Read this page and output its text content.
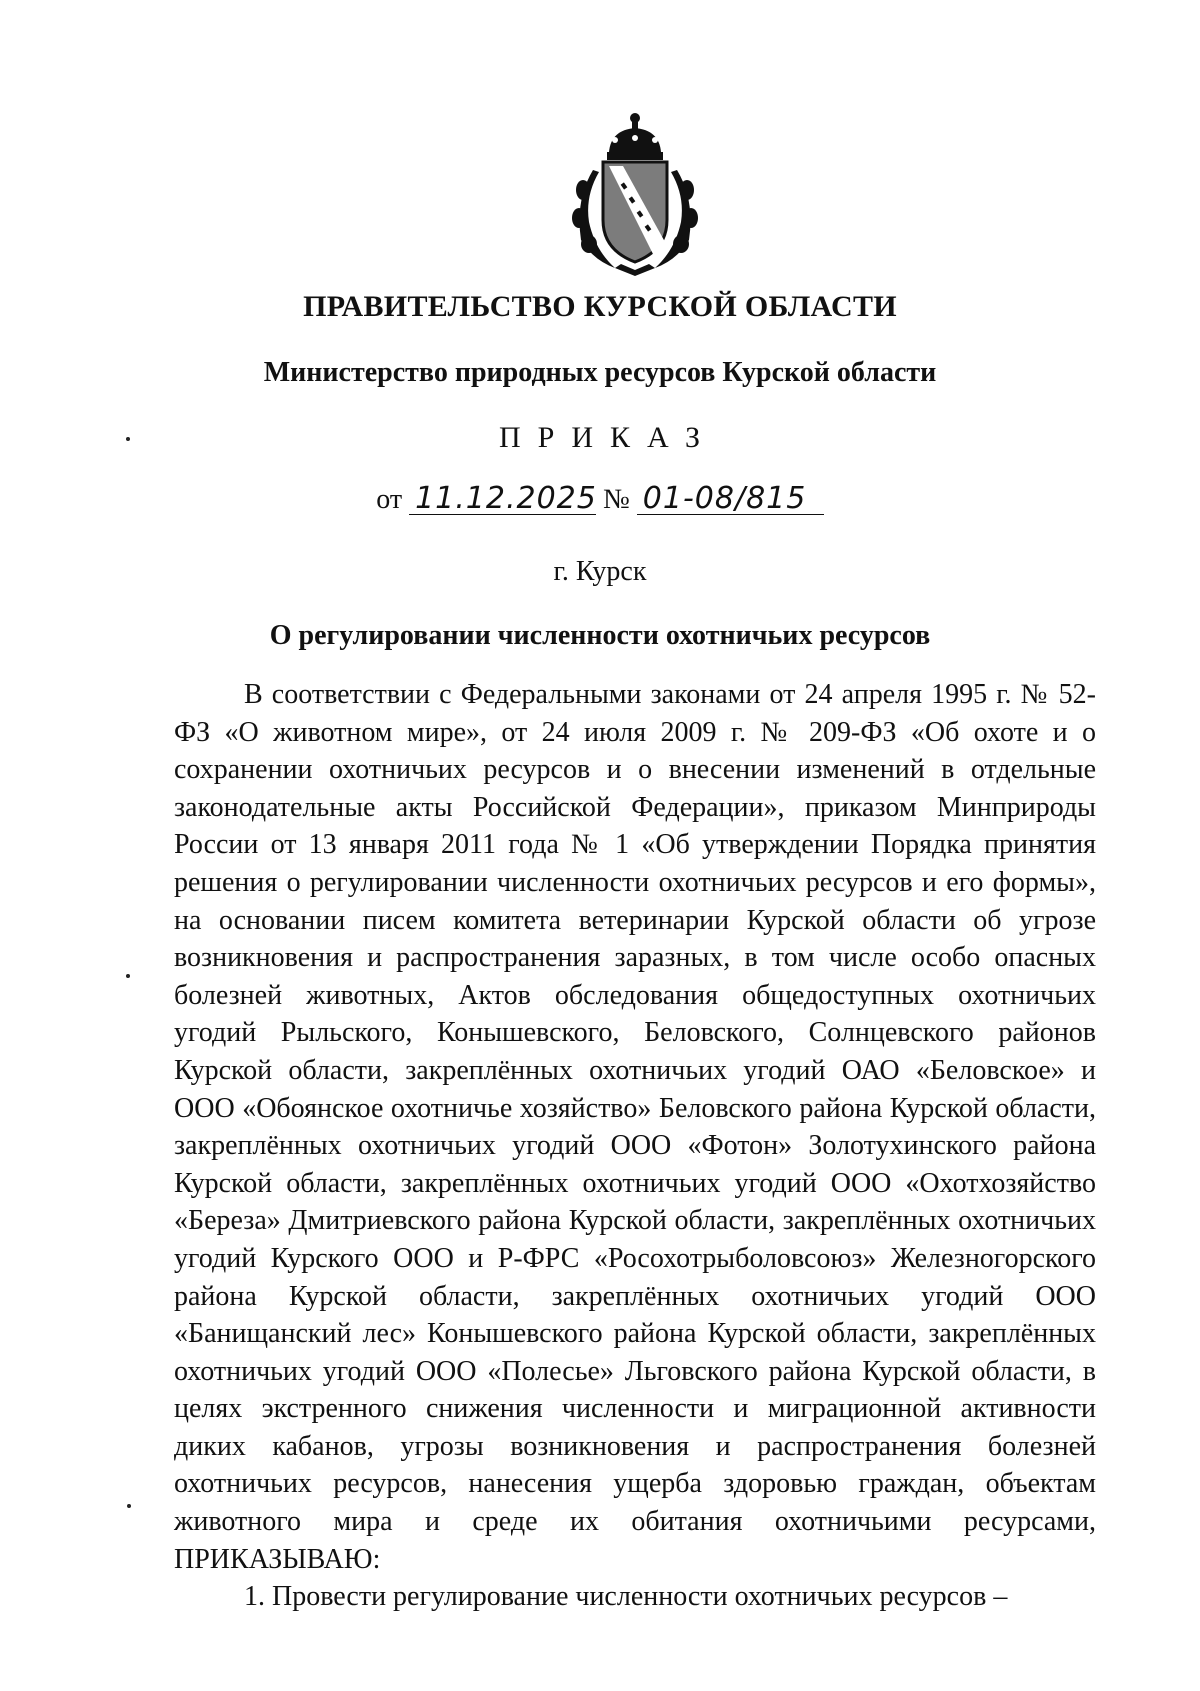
ПРАВИТЕЛЬСТВО КУРСКОЙ ОБЛАСТИ
Министерство природных ресурсов Курской области
ПРИКАЗ
от 11.12.2025 № 01-08/815
г. Курск
О регулировании численности охотничьих ресурсов

В соответствии с Федеральными законами от 24 апреля 1995 г. № 52-ФЗ «О животном мире», от 24 июля 2009 г. № 209-ФЗ «Об охоте и о сохранении охотничьих ресурсов и о внесении изменений в отдельные законодательные акты Российской Федерации», приказом Минприроды России от 13 января 2011 года № 1 «Об утверждении Порядка принятия решения о регулировании численности охотничьих ресурсов и его формы», на основании писем комитета ветеринарии Курской области об угрозе возникновения и распространения заразных, в том числе особо опасных болезней животных, Актов обследования общедоступных охотничьих угодий Рыльского, Конышевского, Беловского, Солнцевского районов Курской области, закреплённых охотничьих угодий ОАО «Беловское» и ООО «Обоянское охотничье хозяйство» Беловского района Курской области, закреплённых охотничьих угодий ООО «Фотон» Золотухинского района Курской области, закреплённых охотничьих угодий ООО «Охотхозяйство «Береза» Дмитриевского района Курской области, закреплённых охотничьих угодий Курского ООО и Р-ФРС «Росохотрыболовсоюз» Железногорского района Курской области, закреплённых охотничьих угодий ООО «Банищанский лес» Конышевского района Курской области, закреплённых охотничьих угодий ООО «Полесье» Льговского района Курской области, в целях экстренного снижения численности и миграционной активности диких кабанов, угрозы возникновения и распространения болезней охотничьих ресурсов, нанесения ущерба здоровью граждан, объектам животного мира и среде их обитания охотничьими ресурсами, ПРИКАЗЫВАЮ:

1. Провести регулирование численности охотничьих ресурсов –
